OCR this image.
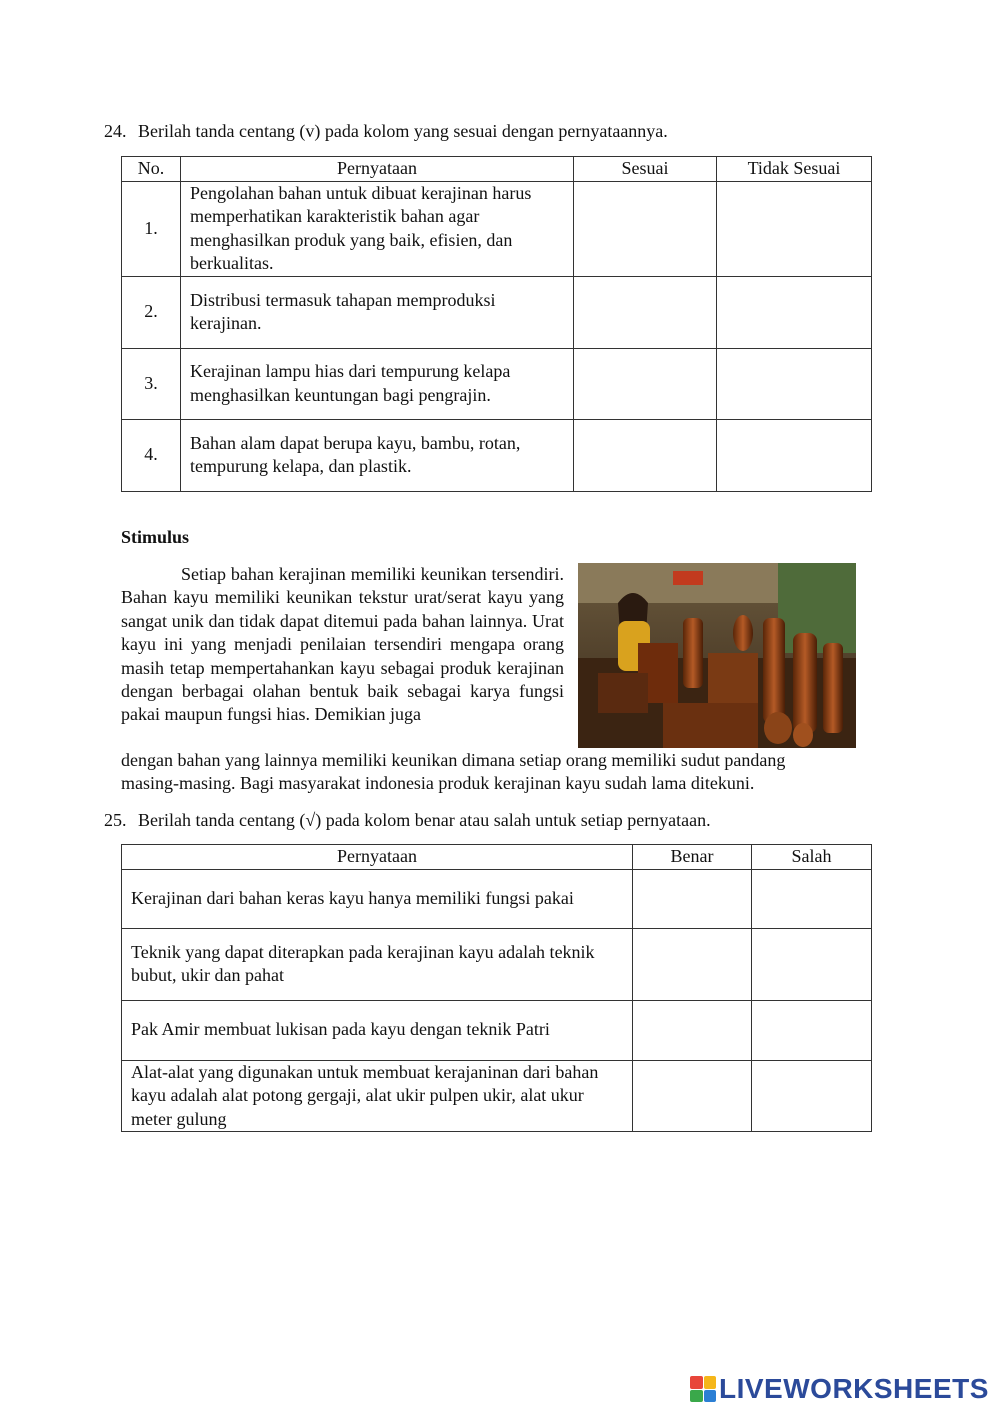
24. Berilah tanda centang (v) pada kolom yang sesuai dengan pernyataannya.
No.	Pernyataan	Sesuai	Tidak Sesuai
1.	Pengolahan bahan untuk dibuat kerajinan harus memperhatikan karakteristik bahan agar menghasilkan produk yang baik, efisien, dan berkualitas.		
2.	Distribusi termasuk tahapan memproduksi kerajinan.		
3.	Kerajinan lampu hias dari tempurung kelapa menghasilkan keuntungan bagi pengrajin.		
4.	Bahan alam dapat berupa kayu, bambu, rotan, tempurung kelapa, dan plastik.		
Stimulus

Setiap bahan kerajinan memiliki keunikan tersendiri. Bahan kayu memiliki keunikan tekstur urat/serat kayu yang sangat unik dan tidak dapat ditemui pada bahan lainnya. Urat kayu ini yang menjadi penilaian tersendiri mengapa orang masih tetap mempertahankan kayu sebagai produk kerajinan dengan berbagai olahan bentuk baik sebagai karya fungsi pakai maupun fungsi hias. Demikian juga

dengan bahan yang lainnya memiliki keunikan dimana setiap orang memiliki sudut pandang
masing-masing. Bagi masyarakat indonesia produk kerajinan kayu sudah lama ditekuni.
25. Berilah tanda centang (√) pada kolom benar atau salah untuk setiap pernyataan.
Pernyataan	Benar	Salah
Kerajinan dari bahan keras kayu hanya memiliki fungsi pakai		
Teknik yang dapat diterapkan pada kerajinan kayu adalah teknik bubut, ukir dan pahat		
Pak Amir membuat lukisan pada kayu dengan teknik Patri		
Alat-alat yang digunakan untuk membuat kerajaninan dari bahan kayu adalah alat potong gergaji, alat ukir pulpen ukir, alat ukur meter gulung		
LIVEWORKSHEETS
